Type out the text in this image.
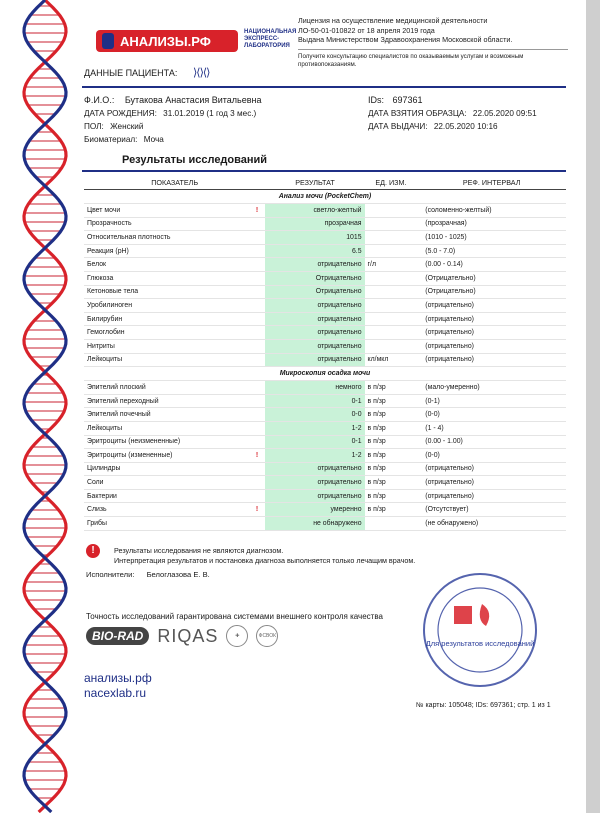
АНАЛИЗЫ.РФ
НАЦИОНАЛЬНАЯ ЭКСПРЕСС-ЛАБОРАТОРИЯ
Лицензия на осуществление медицинской деятельности
ЛО-50-01-010822 от 18 апреля 2019 года
Выдана Министерством Здравоохранения Московской области.
Получите консультацию специалистов по оказываемым услугам и возможным противопоказаниям.
ДАННЫЕ ПАЦИЕНТА: ⟩⟨⟩⟨⟩
Ф.И.О.: Бутакова Анастасия Витальевна
ДАТА РОЖДЕНИЯ: 31.01.2019 (1 год 3 мес.)
ПОЛ: Женский
Биоматериал: Моча
IDs: 697361
ДАТА ВЗЯТИЯ ОБРАЗЦА: 22.05.2020 09:51
ДАТА ВЫДАЧИ: 22.05.2020 10:16
Результаты исследований
ПОКАЗАТЕЛЬ		РЕЗУЛЬТАТ	ЕД. ИЗМ.	РЕФ. ИНТЕРВАЛ
Анализ мочи (PocketChem)				
Цвет мочи	!	светло-желтый		(соломенно-желтый)
Прозрачность		прозрачная		(прозрачная)
Относительная плотность		1015		(1010 - 1025)
Реакция (pH)		6.5		(5.0 - 7.0)
Белок		отрицательно	г/л	(0.00 - 0.14)
Глюкоза		Отрицательно		(Отрицательно)
Кетоновые тела		Отрицательно		(Отрицательно)
Уробилиноген		отрицательно		(отрицательно)
Билирубин		отрицательно		(отрицательно)
Гемоглобин		отрицательно		(отрицательно)
Нитриты		отрицательно		(отрицательно)
Лейкоциты		отрицательно	кл/мкл	(отрицательно)
Микроскопия осадка мочи				
Эпителий плоский		немного	в п/зр	(мало-умеренно)
Эпителий переходный		0-1	в п/зр	(0-1)
Эпителий почечный		0-0	в п/зр	(0-0)
Лейкоциты		1-2	в п/зр	(1 - 4)
Эритроциты (неизмененные)		0-1	в п/зр	(0.00 - 1.00)
Эритроциты (измененные)	!	1-2	в п/зр	(0-0)
Цилиндры		отрицательно	в п/зр	(отрицательно)
Соли		отрицательно	в п/зр	(отрицательно)
Бактерии		отрицательно	в п/зр	(отрицательно)
Слизь	!	умеренно	в п/зр	(Отсутствует)
Грибы		не обнаружено		(не обнаружено)
!	Результаты исследования не являются диагнозом.
Интерпретация результатов и постановка диагноза выполняется только лечащим врачом.
Исполнители: Белоглазова Е. В.
Точность исследований гарантирована системами внешнего контроля качества
BIO-RAD RIQAS	✚	ФСВОК
анализы.рф
nacexlab.ru
Для результатов исследований
№ карты: 105048; IDs: 697361; стр. 1 из 1
